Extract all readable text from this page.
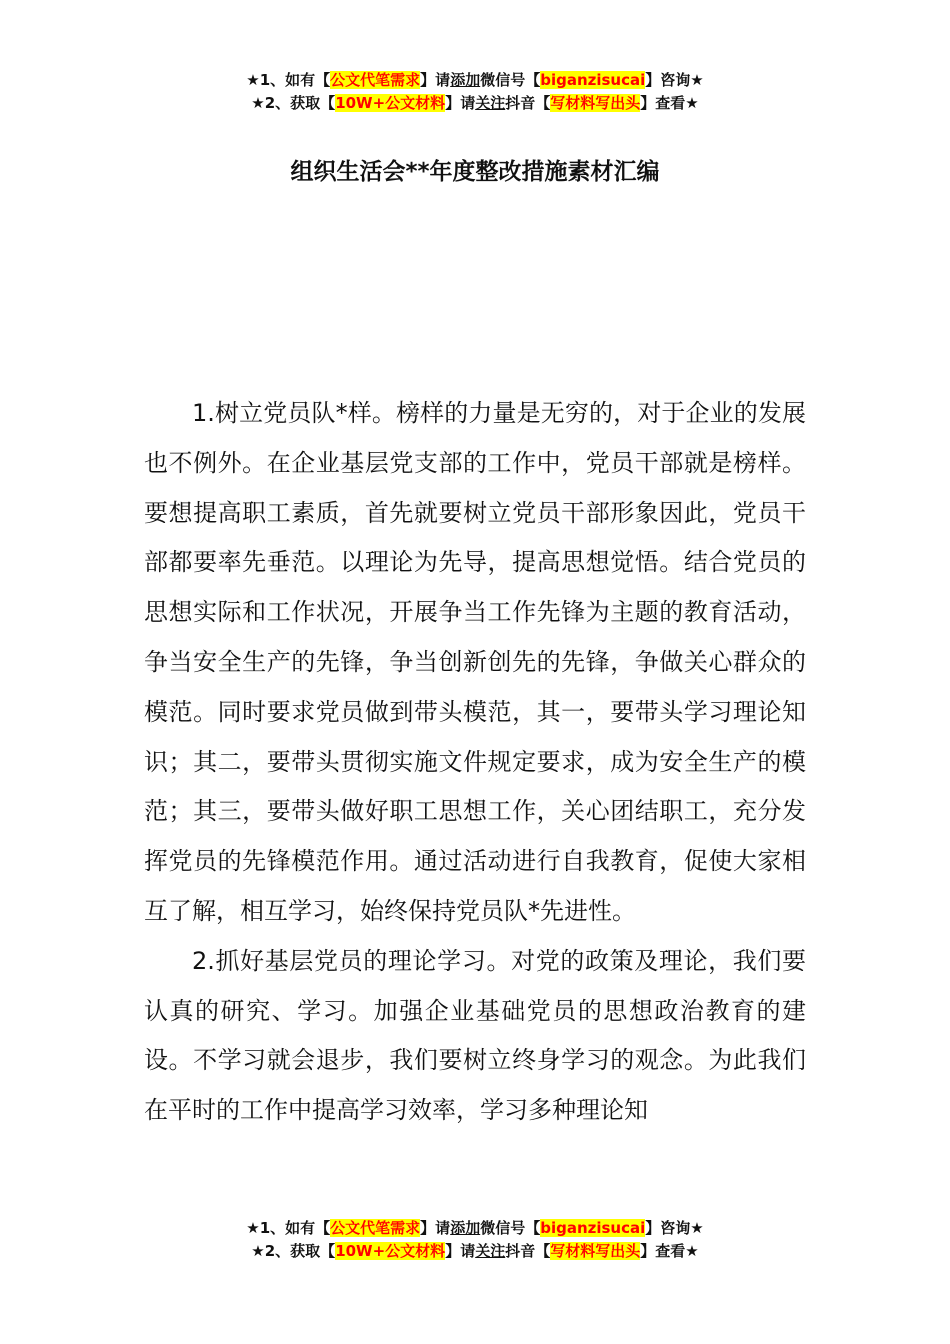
★1、如有【公文代笔需求】请添加微信号【biganzisucai】咨询★
★2、获取【10W+公文材料】请关注抖音【写材料写出头】查看★
组织生活会**年度整改措施素材汇编

1.树立党员队*样。榜样的力量是无穷的，对于企业的发展也不例外。在企业基层党支部的工作中，党员干部就是榜样。要想提高职工素质，首先就要树立党员干部形象因此，党员干部都要率先垂范。以理论为先导，提高思想觉悟。结合党员的思想实际和工作状况，开展争当工作先锋为主题的教育活动，争当安全生产的先锋，争当创新创先的先锋，争做关心群众的模范。同时要求党员做到带头模范，其一，要带头学习理论知识；其二，要带头贯彻实施文件规定要求，成为安全生产的模范；其三，要带头做好职工思想工作，关心团结职工，充分发挥党员的先锋模范作用。通过活动进行自我教育，促使大家相互了解，相互学习，始终保持党员队*先进性。

2.抓好基层党员的理论学习。对党的政策及理论，我们要认真的研究、学习。加强企业基础党员的思想政治教育的建设。不学习就会退步，我们要树立终身学习的观念。为此我们在平时的工作中提高学习效率，学习多种理论知

★1、如有【公文代笔需求】请添加微信号【biganzisucai】咨询★
★2、获取【10W+公文材料】请关注抖音【写材料写出头】查看★
